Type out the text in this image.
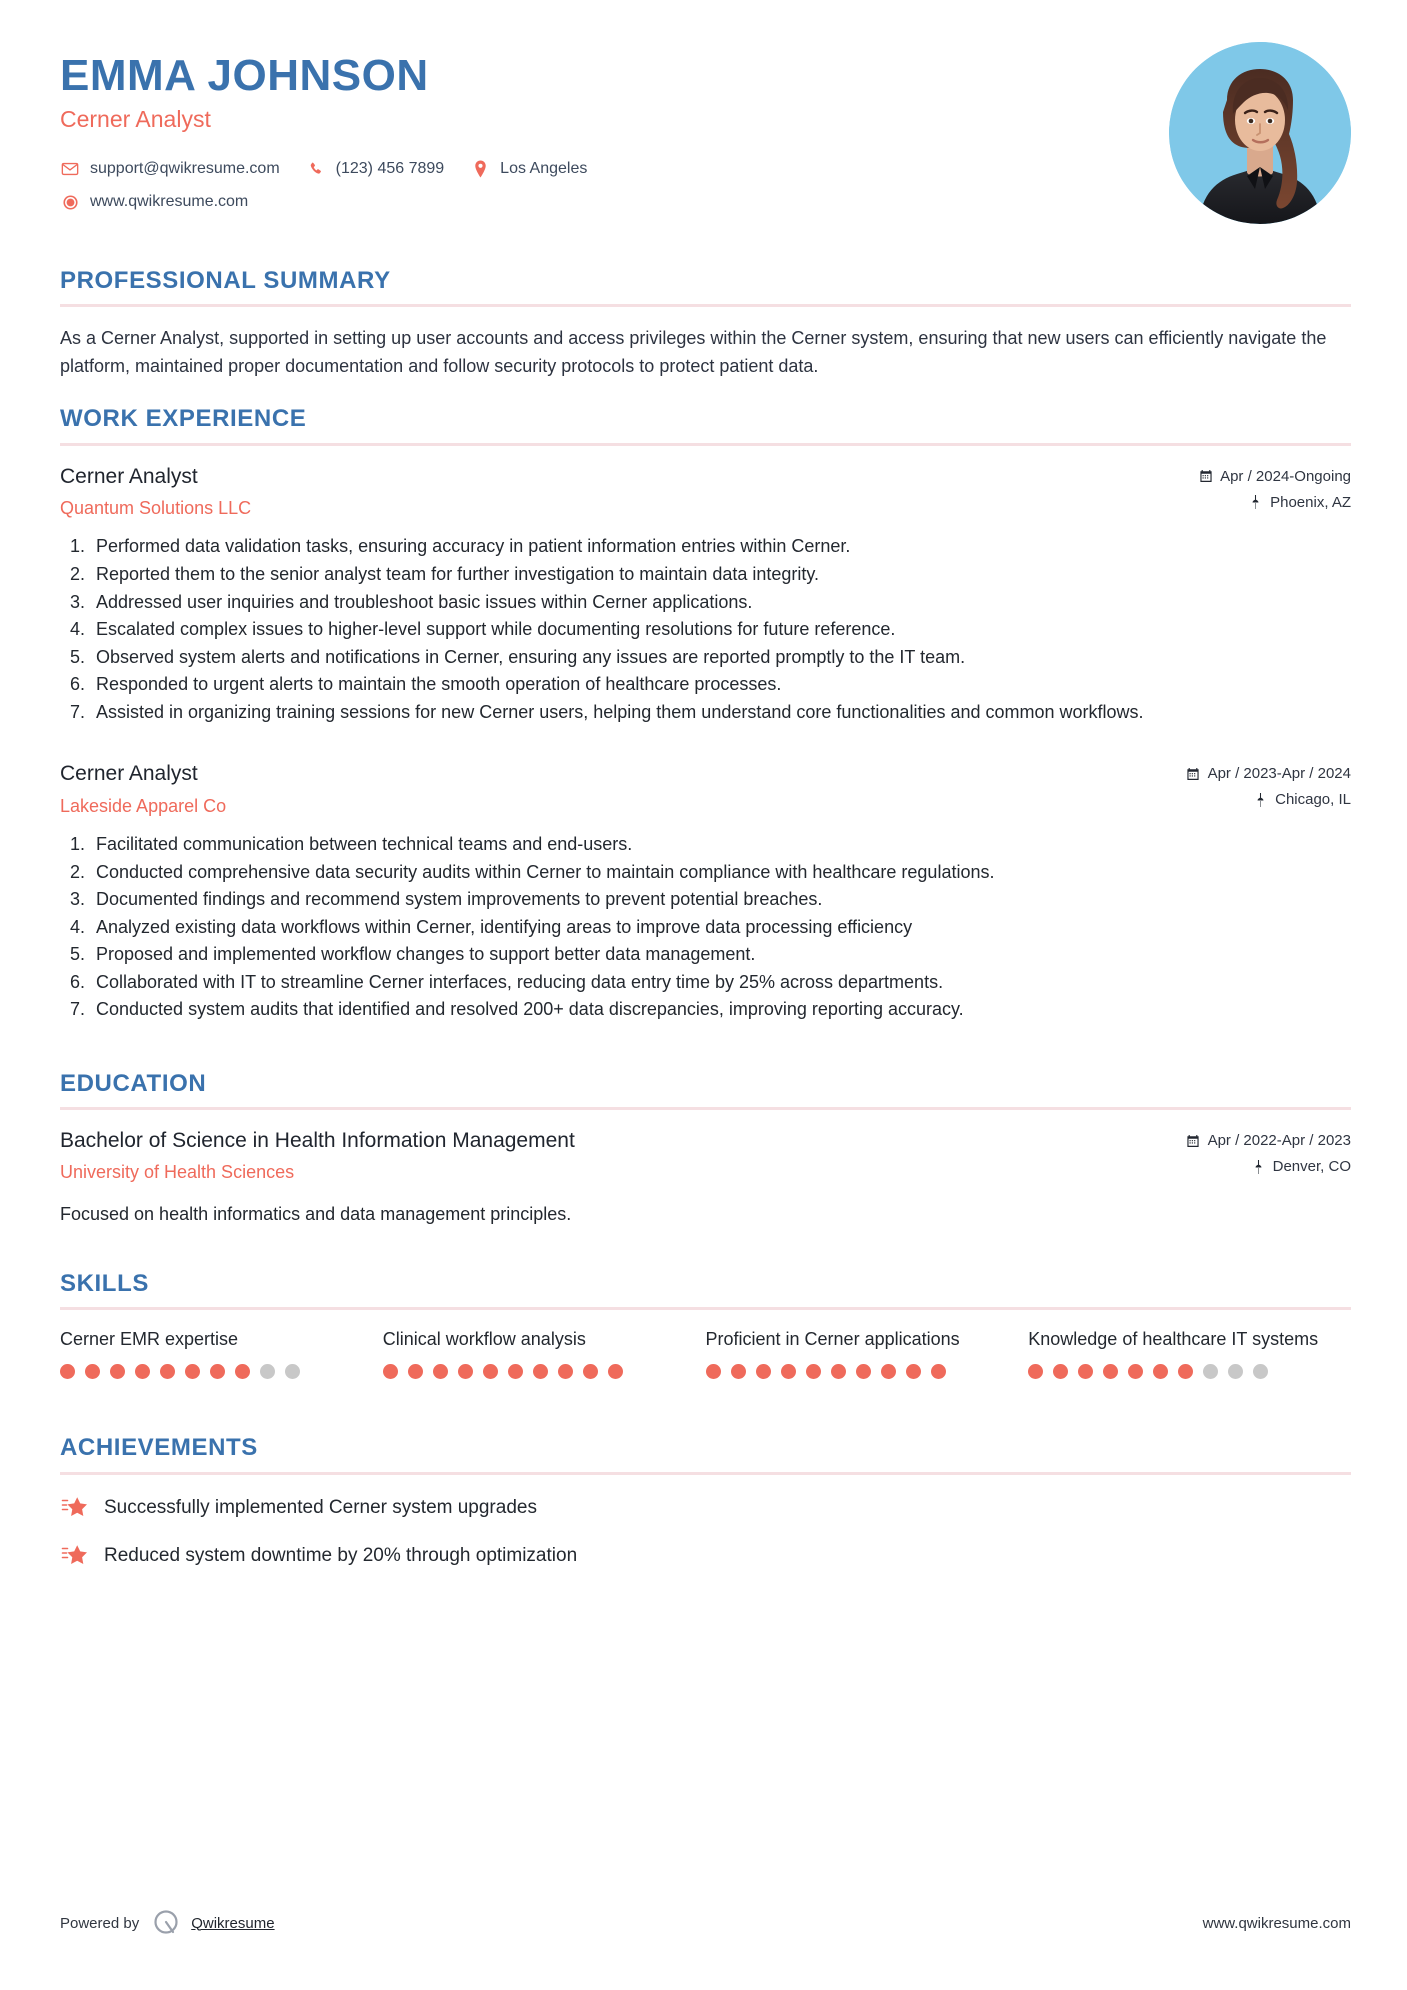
EMMA JOHNSON
Cerner Analyst
support@qwikresume.com	(123) 456 7899	Los Angeles
www.qwikresume.com
PROFESSIONAL SUMMARY

As a Cerner Analyst, supported in setting up user accounts and access privileges within the Cerner system, ensuring that new users can efficiently navigate the platform, maintained proper documentation and follow security protocols to protect patient data.

WORK EXPERIENCE
Cerner Analyst
Quantum Solutions LLC
Apr / 2024-Ongoing
Phoenix, AZ
1. Performed data validation tasks, ensuring accuracy in patient information entries within Cerner.
2. Reported them to the senior analyst team for further investigation to maintain data integrity.
3. Addressed user inquiries and troubleshoot basic issues within Cerner applications.
4. Escalated complex issues to higher-level support while documenting resolutions for future reference.
5. Observed system alerts and notifications in Cerner, ensuring any issues are reported promptly to the IT team.
6. Responded to urgent alerts to maintain the smooth operation of healthcare processes.
7. Assisted in organizing training sessions for new Cerner users, helping them understand core functionalities and common workflows.
Cerner Analyst
Lakeside Apparel Co
Apr / 2023-Apr / 2024
Chicago, IL
1. Facilitated communication between technical teams and end-users.
2. Conducted comprehensive data security audits within Cerner to maintain compliance with healthcare regulations.
3. Documented findings and recommend system improvements to prevent potential breaches.
4. Analyzed existing data workflows within Cerner, identifying areas to improve data processing efficiency
5. Proposed and implemented workflow changes to support better data management.
6. Collaborated with IT to streamline Cerner interfaces, reducing data entry time by 25% across departments.
7. Conducted system audits that identified and resolved 200+ data discrepancies, improving reporting accuracy.
EDUCATION
Bachelor of Science in Health Information Management
University of Health Sciences
Apr / 2022-Apr / 2023
Denver, CO

Focused on health informatics and data management principles.

SKILLS
Cerner EMR expertise	Clinical workflow analysis	Proficient in Cerner applications	Knowledge of healthcare IT systems
ACHIEVEMENTS
Successfully implemented Cerner system upgrades
Reduced system downtime by 20% through optimization
Powered by	Qwikresume	www.qwikresume.com
